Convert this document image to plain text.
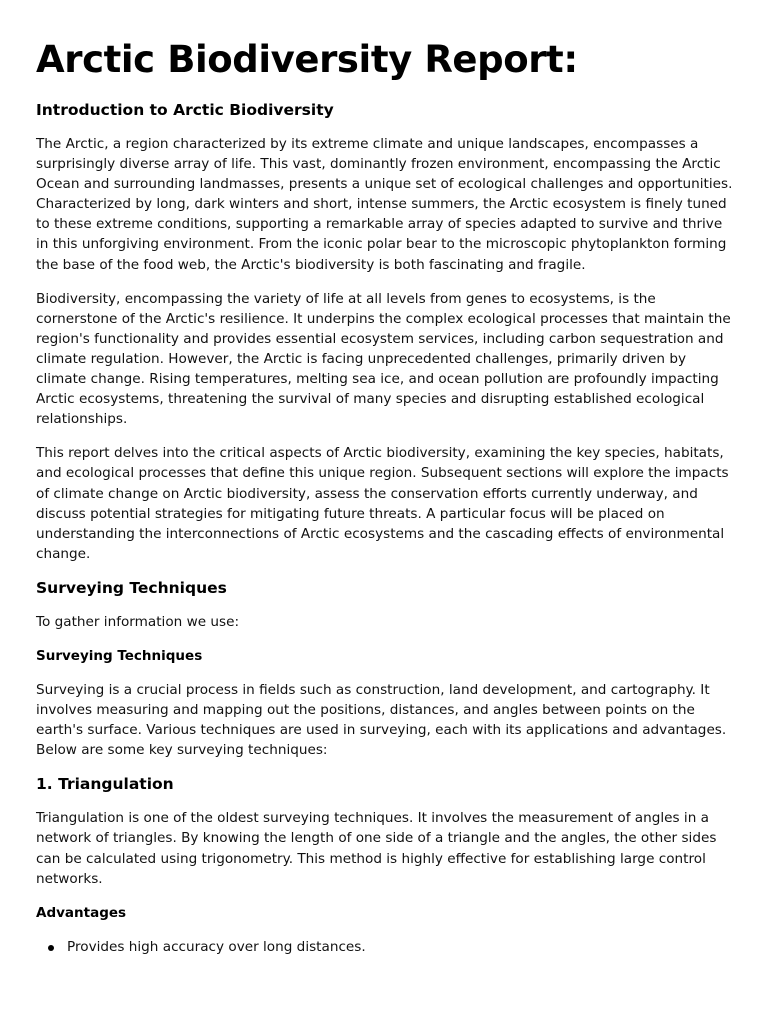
Arctic Biodiversity Report:
Introduction to Arctic Biodiversity

The Arctic, a region characterized by its extreme climate and unique landscapes, encompasses a surprisingly diverse array of life. This vast, dominantly frozen environment, encompassing the Arctic Ocean and surrounding landmasses, presents a unique set of ecological challenges and opportunities. Characterized by long, dark winters and short, intense summers, the Arctic ecosystem is finely tuned to these extreme conditions, supporting a remarkable array of species adapted to survive and thrive in this unforgiving environment. From the iconic polar bear to the microscopic phytoplankton forming the base of the food web, the Arctic's biodiversity is both fascinating and fragile.

Biodiversity, encompassing the variety of life at all levels from genes to ecosystems, is the cornerstone of the Arctic's resilience. It underpins the complex ecological processes that maintain the region's functionality and provides essential ecosystem services, including carbon sequestration and climate regulation. However, the Arctic is facing unprecedented challenges, primarily driven by climate change. Rising temperatures, melting sea ice, and ocean pollution are profoundly impacting Arctic ecosystems, threatening the survival of many species and disrupting established ecological relationships.

This report delves into the critical aspects of Arctic biodiversity, examining the key species, habitats, and ecological processes that define this unique region. Subsequent sections will explore the impacts of climate change on Arctic biodiversity, assess the conservation efforts currently underway, and discuss potential strategies for mitigating future threats. A particular focus will be placed on understanding the interconnections of Arctic ecosystems and the cascading effects of environmental change.

Surveying Techniques

To gather information we use:

Surveying Techniques

Surveying is a crucial process in fields such as construction, land development, and cartography. It involves measuring and mapping out the positions, distances, and angles between points on the earth's surface. Various techniques are used in surveying, each with its applications and advantages. Below are some key surveying techniques:

1. Triangulation

Triangulation is one of the oldest surveying techniques. It involves the measurement of angles in a network of triangles. By knowing the length of one side of a triangle and the angles, the other sides can be calculated using trigonometry. This method is highly effective for establishing large control networks.

Advantages
Provides high accuracy over long distances.
